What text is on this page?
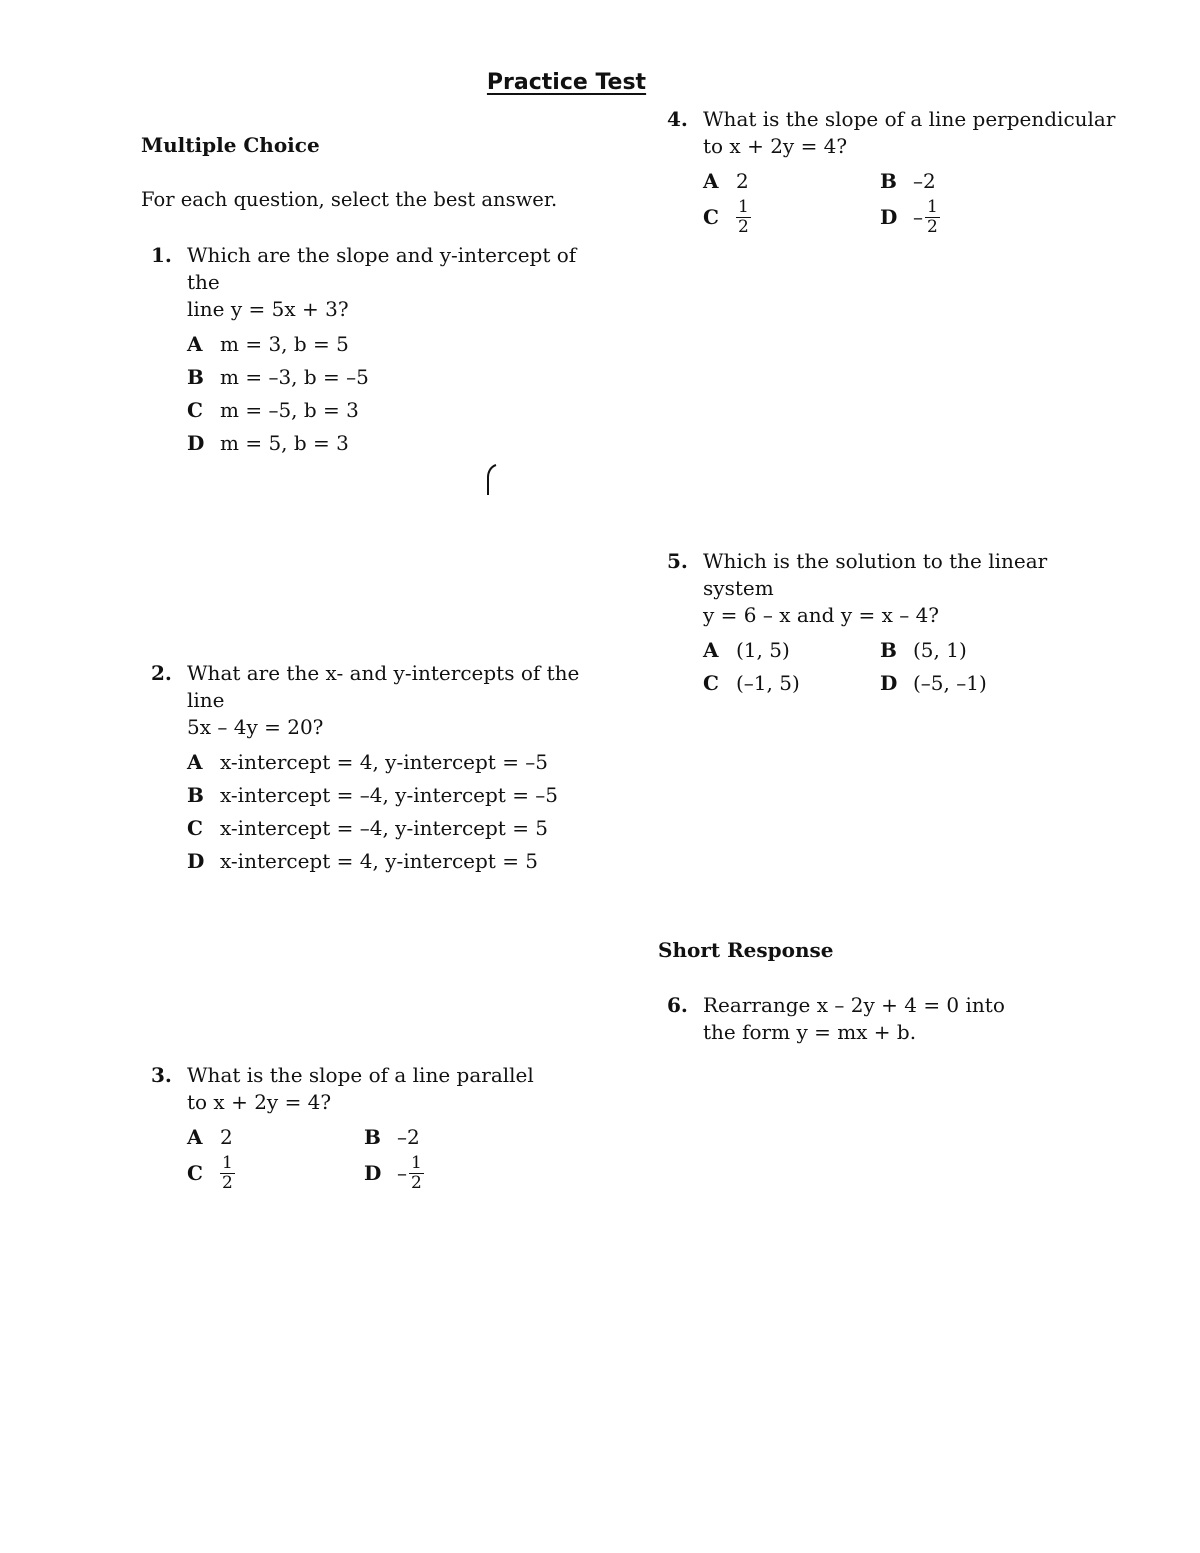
Practice Test
Multiple Choice
For each question, select the best answer.
1. Which are the slope and y-intercept of the
line y = 5x + 3?
A m = 3, b = 5
B m = –3, b = –5
C m = –5, b = 3
D m = 5, b = 3
2. What are the x- and y-intercepts of the line
5x – 4y = 20?
A x-intercept = 4, y-intercept = –5
B x-intercept = –4, y-intercept = –5
C x-intercept = –4, y-intercept = 5
D x-intercept = 4, y-intercept = 5
3. What is the slope of a line parallel
to x + 2y = 4?
A 2	B –2
C $\frac{1}{2}$	D – $\frac{1}{2}$
4. What is the slope of a line perpendicular
to x + 2y = 4?
A 2	B –2
C $\frac{1}{2}$	D – $\frac{1}{2}$
5. Which is the solution to the linear system
y = 6 – x and y = x – 4?
A (1, 5)	B (5, 1)
C (–1, 5)	D (–5, –1)
Short Response
6. Rearrange x – 2y + 4 = 0 into
the form y = mx + b.
